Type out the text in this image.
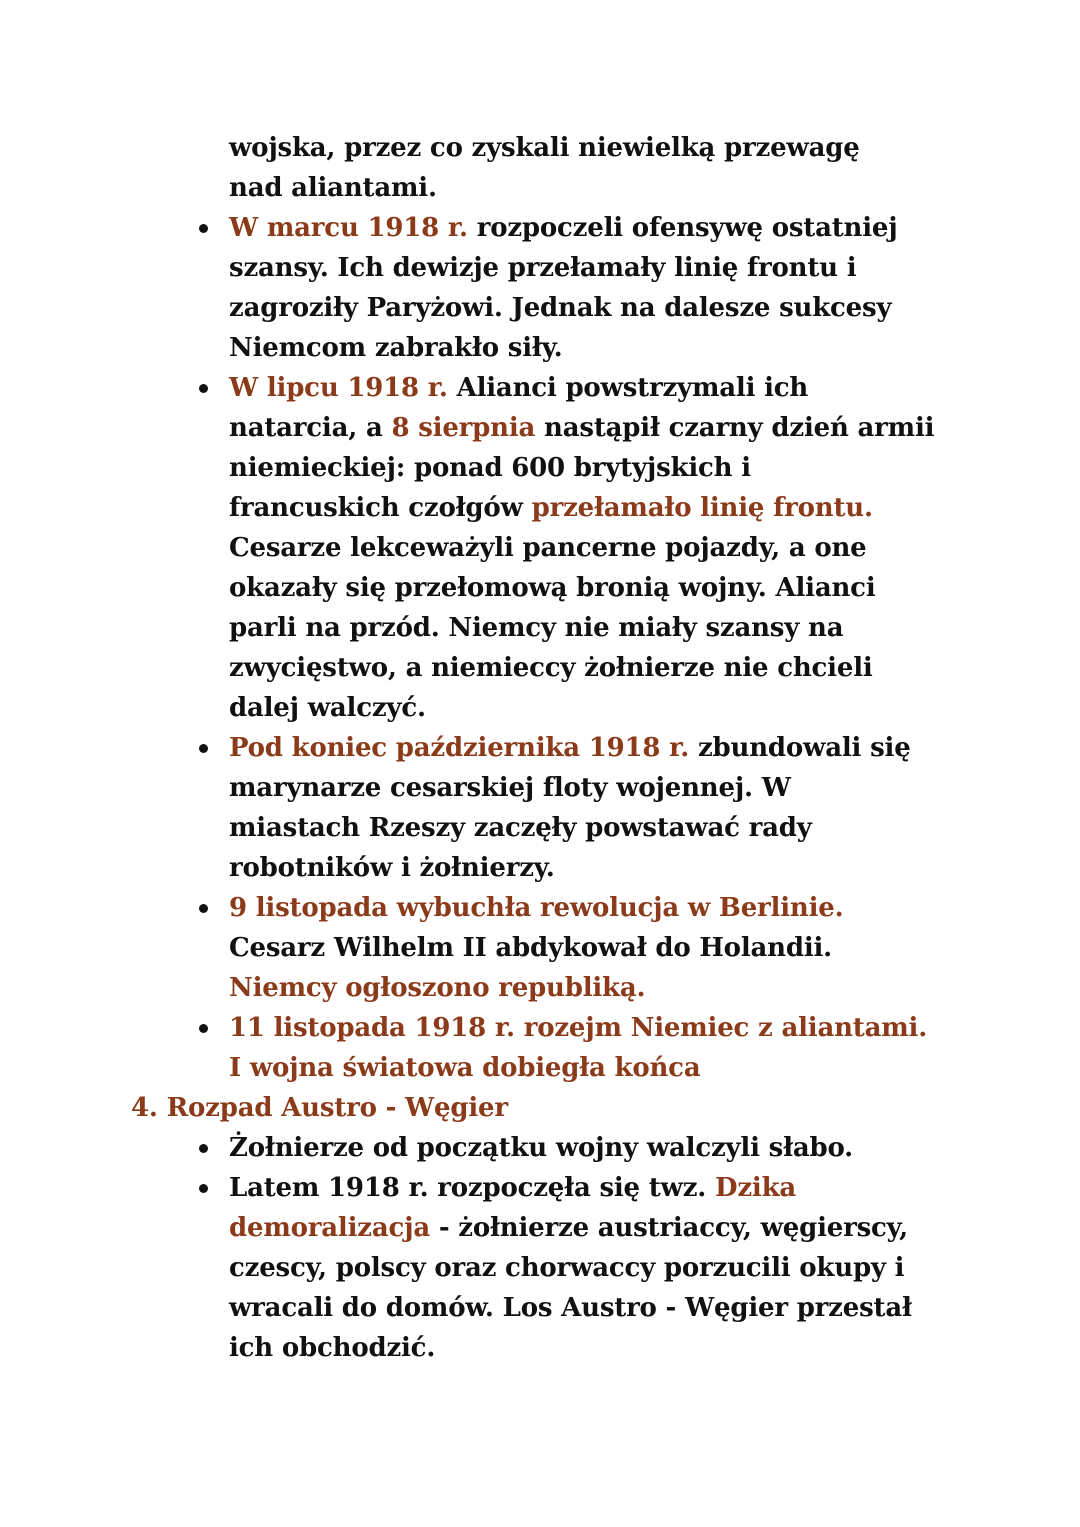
wojska, przez co zyskali niewielką przewagę
nad aliantami.
W marcu 1918 r. rozpoczeli ofensywę ostatniej
szansy. Ich dewizje przełamały linię frontu i
zagroziły Paryżowi. Jednak na dalesze sukcesy
Niemcom zabrakło siły.
W lipcu 1918 r. Alianci powstrzymali ich
natarcia, a 8 sierpnia nastąpił czarny dzień armii
niemieckiej: ponad 600 brytyjskich i
francuskich czołgów przełamało linię frontu.
Cesarze lekceważyli pancerne pojazdy, a one
okazały się przełomową bronią wojny. Alianci
parli na przód. Niemcy nie miały szansy na
zwycięstwo, a niemieccy żołnierze nie chcieli
dalej walczyć.
Pod koniec października 1918 r. zbundowali się
marynarze cesarskiej floty wojennej. W
miastach Rzeszy zaczęły powstawać rady
robotników i żołnierzy.
9 listopada wybuchła rewolucja w Berlinie.
Cesarz Wilhelm II abdykował do Holandii.
Niemcy ogłoszono republiką.
11 listopada 1918 r. rozejm Niemiec z aliantami.
I wojna światowa dobiegła końca
4. Rozpad Austro - Węgier
Żołnierze od początku wojny walczyli słabo.
Latem 1918 r. rozpoczęła się twz. Dzika
demoralizacja - żołnierze austriaccy, węgierscy,
czescy, polscy oraz chorwaccy porzucili okupy i
wracali do domów. Los Austro - Węgier przestał
ich obchodzić.
